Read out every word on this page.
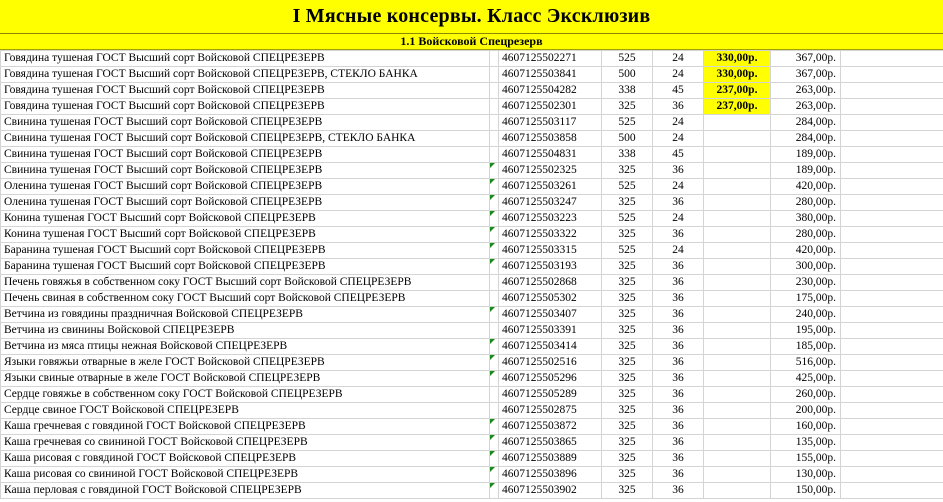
I Мясные консервы. Класс Эксклюзив
1.1 Войсковой Спецрезерв
Говядина тушеная ГОСТ Высший сорт Войсковой СПЕЦРЕЗЕРВ		4607125502271	525	24	330,00р.	367,00р.	
Говядина тушеная ГОСТ Высший сорт Войсковой СПЕЦРЕЗЕРВ, СТЕКЛО БАНКА		4607125503841	500	24	330,00р.	367,00р.	
Говядина тушеная ГОСТ Высший сорт Войсковой СПЕЦРЕЗЕРВ		4607125504282	338	45	237,00р.	263,00р.	
Говядина тушеная ГОСТ Высший сорт Войсковой СПЕЦРЕЗЕРВ		4607125502301	325	36	237,00р.	263,00р.	
Свинина тушеная ГОСТ Высший сорт Войсковой СПЕЦРЕЗЕРВ		4607125503117	525	24		284,00р.	
Свинина тушеная ГОСТ Высший сорт Войсковой СПЕЦРЕЗЕРВ, СТЕКЛО БАНКА		4607125503858	500	24		284,00р.	
Свинина тушеная ГОСТ Высший сорт Войсковой СПЕЦРЕЗЕРВ		4607125504831	338	45		189,00р.	
Свинина тушеная ГОСТ Высший сорт Войсковой СПЕЦРЕЗЕРВ		4607125502325	325	36		189,00р.	
Оленина тушеная ГОСТ Высший сорт Войсковой СПЕЦРЕЗЕРВ		4607125503261	525	24		420,00р.	
Оленина тушеная ГОСТ Высший сорт Войсковой СПЕЦРЕЗЕРВ		4607125503247	325	36		280,00р.	
Конина тушеная ГОСТ Высший сорт Войсковой СПЕЦРЕЗЕРВ		4607125503223	525	24		380,00р.	
Конина тушеная ГОСТ Высший сорт Войсковой СПЕЦРЕЗЕРВ		4607125503322	325	36		280,00р.	
Баранина тушеная ГОСТ Высший сорт Войсковой СПЕЦРЕЗЕРВ		4607125503315	525	24		420,00р.	
Баранина тушеная ГОСТ Высший сорт Войсковой СПЕЦРЕЗЕРВ		4607125503193	325	36		300,00р.	
Печень говяжья в собственном соку ГОСТ Высший сорт Войсковой СПЕЦРЕЗЕРВ		4607125502868	325	36		230,00р.	
Печень свиная в собственном соку ГОСТ Высший сорт Войсковой СПЕЦРЕЗЕРВ		4607125505302	325	36		175,00р.	
Ветчина из говядины праздничная Войсковой СПЕЦРЕЗЕРВ		4607125503407	325	36		240,00р.	
Ветчина из свинины Войсковой СПЕЦРЕЗЕРВ		4607125503391	325	36		195,00р.	
Ветчина из мяса птицы нежная Войсковой СПЕЦРЕЗЕРВ		4607125503414	325	36		185,00р.	
Языки говяжьи отварные в желе ГОСТ Войсковой СПЕЦРЕЗЕРВ		4607125502516	325	36		516,00р.	
Языки свиные отварные в желе ГОСТ Войсковой СПЕЦРЕЗЕРВ		4607125505296	325	36		425,00р.	
Сердце говяжье в собственном соку ГОСТ Войсковой СПЕЦРЕЗЕРВ		4607125505289	325	36		260,00р.	
Сердце свиное ГОСТ Войсковой СПЕЦРЕЗЕРВ		4607125502875	325	36		200,00р.	
Каша гречневая с говядиной ГОСТ Войсковой СПЕЦРЕЗЕРВ		4607125503872	325	36		160,00р.	
Каша гречневая со свининой ГОСТ Войсковой СПЕЦРЕЗЕРВ		4607125503865	325	36		135,00р.	
Каша рисовая с говядиной ГОСТ Войсковой СПЕЦРЕЗЕРВ		4607125503889	325	36		155,00р.	
Каша рисовая со свининой ГОСТ Войсковой СПЕЦРЕЗЕРВ		4607125503896	325	36		130,00р.	
Каша перловая с говядиной ГОСТ Войсковой СПЕЦРЕЗЕРВ		4607125503902	325	36		150,00р.	
